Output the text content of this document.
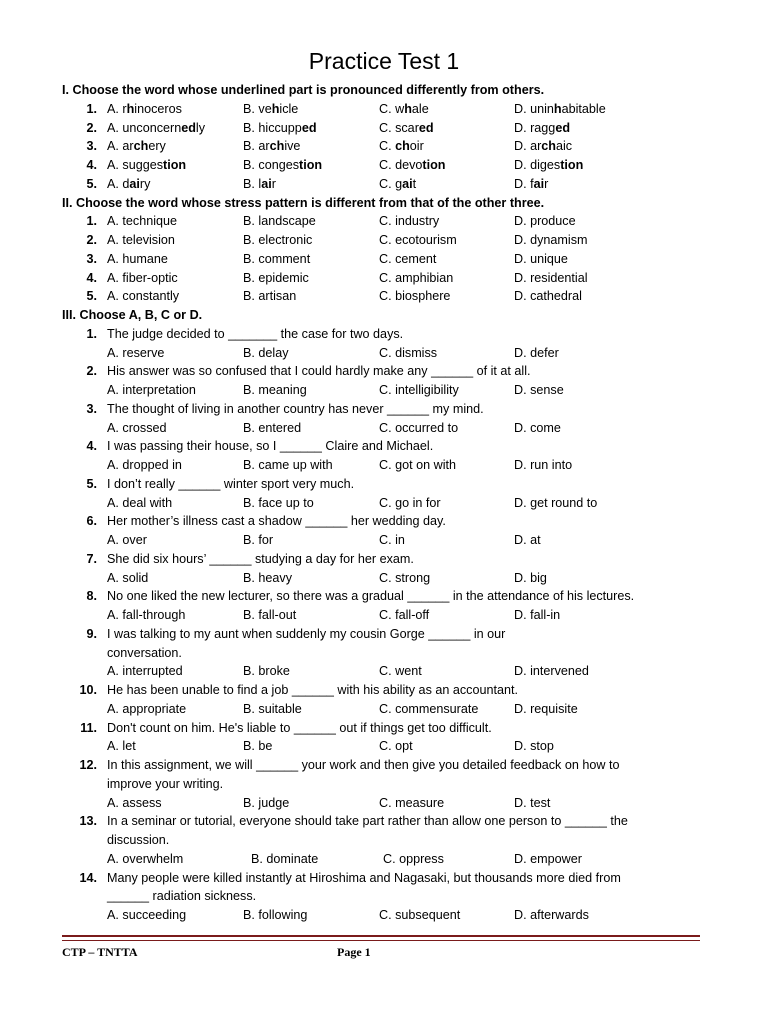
Practice Test 1
I. Choose the word whose underlined part is pronounced differently from others.
1. A. rhinoceros	B. vehicle	C. whale	D. uninhabitable
2. A. unconcernedly	B. hiccupped	C. scared	D. ragged
3. A. archery	B. archive	C. choir	D. archaic
4. A. suggestion	B. congestion	C. devotion	D. digestion
5. A. dairy	B. lair	C. gait	D. fair
II. Choose the word whose stress pattern is different from that of the other three.
1. A. technique	B. landscape	C. industry	D. produce
2. A. television	B. electronic	C. ecotourism	D. dynamism
3. A. humane	B. comment	C. cement	D. unique
4. A. fiber-optic	B. epidemic	C. amphibian	D. residential
5. A. constantly	B. artisan	C. biosphere	D. cathedral
III. Choose A, B, C or D.
1. The judge decided to _______ the case for two days.
A. reserve	B. delay	C. dismiss	D. defer
2. His answer was so confused that I could hardly make any ______ of it at all.
A. interpretation	B. meaning	C. intelligibility	D. sense
3. The thought of living in another country has never ______ my mind.
A. crossed	B. entered	C. occurred to	D. come
4. I was passing their house, so I ______ Claire and Michael.
A. dropped in	B. came up with	C. got on with	D. run into
5. I don’t really ______ winter sport very much.
A. deal with	B. face up to	C. go in for	D. get round to
6. Her mother’s illness cast a shadow ______ her wedding day.
A. over	B. for	C. in	D. at
7. She did six hours’ ______ studying a day for her exam.
A. solid	B. heavy	C. strong	D. big
8. No one liked the new lecturer, so there was a gradual ______ in the attendance of his lectures.
A. fall-through	B. fall-out	C. fall-off	D. fall-in
9. I was talking to my aunt when suddenly my cousin Gorge ______ in our
conversation.
A. interrupted	B. broke	C. went	D. intervened
10. He has been unable to find a job ______ with his ability as an accountant.
A. appropriate	B. suitable	C. commensurate	D. requisite
11. Don't count on him. He's liable to ______ out if things get too difficult.
A. let	B. be	C. opt	D. stop
12. In this assignment, we will ______ your work and then give you detailed feedback on how to
improve your writing.
A. assess	B. judge	C. measure	D. test
13. In a seminar or tutorial, everyone should take part rather than allow one person to ______ the
discussion.
A. overwhelm	B. dominate	C. oppress	D. empower
14. Many people were killed instantly at Hiroshima and Nagasaki, but thousands more died from
______ radiation sickness.
A. succeeding	B. following	C. subsequent	D. afterwards
CTP – TNTTA	Page 1
